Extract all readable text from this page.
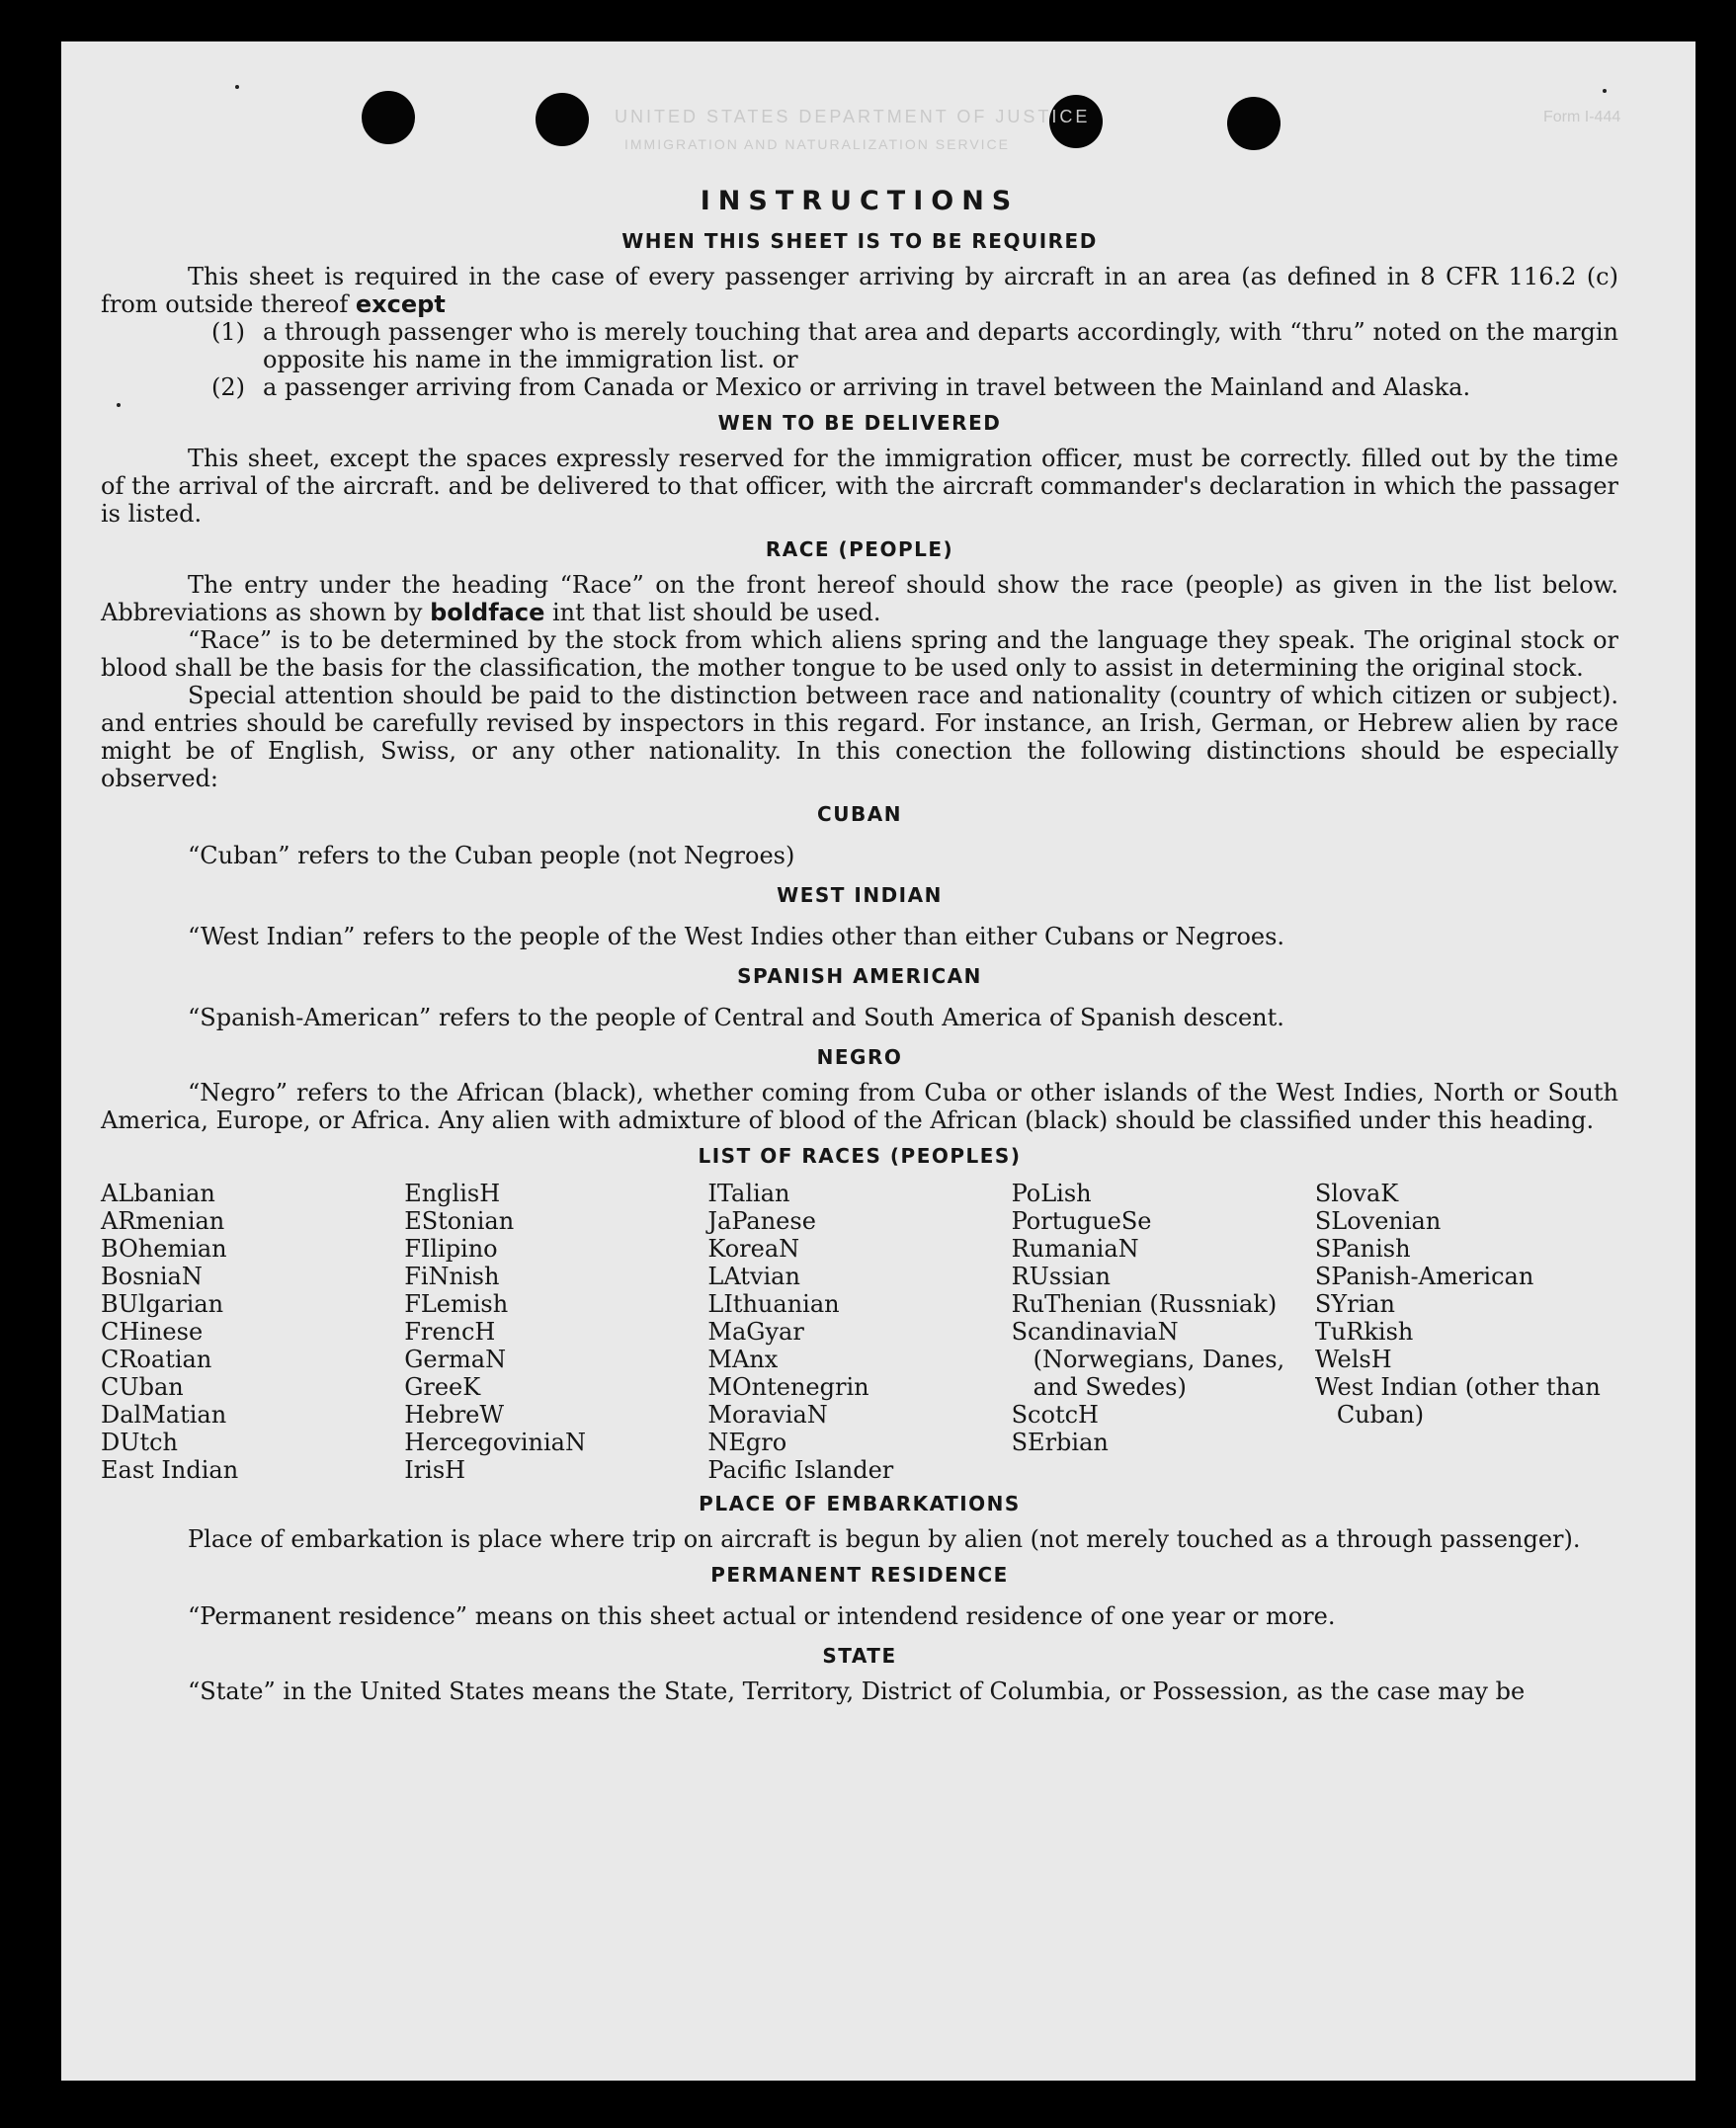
UNITED STATES DEPARTMENT OF JUSTICE
IMMIGRATION AND NATURALIZATION SERVICE
Form I-444
INSTRUCTIONS
WHEN THIS SHEET IS TO BE REQUIRED

This sheet is required in the case of every passenger arriving by aircraft in an area (as defined in 8 CFR 116.2 (c) from outside thereof except

(1) a through passenger who is merely touching that area and departs accordingly, with “thru” noted on the margin opposite his name in the immigration list. or
(2) a passenger arriving from Canada or Mexico or arriving in travel between the Mainland and Alaska.
WEN TO BE DELIVERED

This sheet, except the spaces expressly reserved for the immigration officer, must be correctly. filled out by the time of the arrival of the aircraft. and be delivered to that officer, with the aircraft commander's declaration in which the passager is listed.

RACE (PEOPLE)

The entry under the heading “Race” on the front hereof should show the race (people) as given in the list below. Abbreviations as shown by boldface int that list should be used.

“Race” is to be determined by the stock from which aliens spring and the language they speak. The original stock or blood shall be the basis for the classification, the mother tongue to be used only to assist in determining the original stock.

Special attention should be paid to the distinction between race and nationality (country of which citizen or subject). and entries should be carefully revised by inspectors in this regard. For instance, an Irish, German, or Hebrew alien by race might be of English, Swiss, or any other nationality. In this conection the following distinctions should be especially observed:

CUBAN

“Cuban” refers to the Cuban people (not Negroes)

WEST INDIAN

“West Indian” refers to the people of the West Indies other than either Cubans or Negroes.

SPANISH AMERICAN

“Spanish-American” refers to the people of Central and South America of Spanish descent.

NEGRO

“Negro” refers to the African (black), whether coming from Cuba or other islands of the West Indies, North or South America, Europe, or Africa. Any alien with admixture of blood of the African (black) should be classified under this heading.

LIST OF RACES (PEOPLES)
ALbanian
ARmenian
BOhemian
BosniaN
BUlgarian
CHinese
CRoatian
CUban
DalMatian
DUtch
East Indian
EnglisH
EStonian
FIlipino
FiNnish
FLemish
FrencH
GermaN
GreeK
HebreW
HercegoviniaN
IrisH
ITalian
JaPanese
KoreaN
LAtvian
LIthuanian
MaGyar
MAnx
MOntenegrin
MoraviaN
NEgro
Pacific Islander
PoLish
PortugueSe
RumaniaN
RUssian
RuThenian (Russniak)
ScandinaviaN (Norwegians, Danes, and Swedes)
ScotcH
SErbian
SlovaK
SLovenian
SPanish
SPanish-American
SYrian
TuRkish
WelsH
West Indian (other than Cuban)
PLACE OF EMBARKATIONS

Place of embarkation is place where trip on aircraft is begun by alien (not merely touched as a through passenger).

PERMANENT RESIDENCE

“Permanent residence” means on this sheet actual or intendend residence of one year or more.

STATE

“State” in the United States means the State, Territory, District of Columbia, or Possession, as the case may be
